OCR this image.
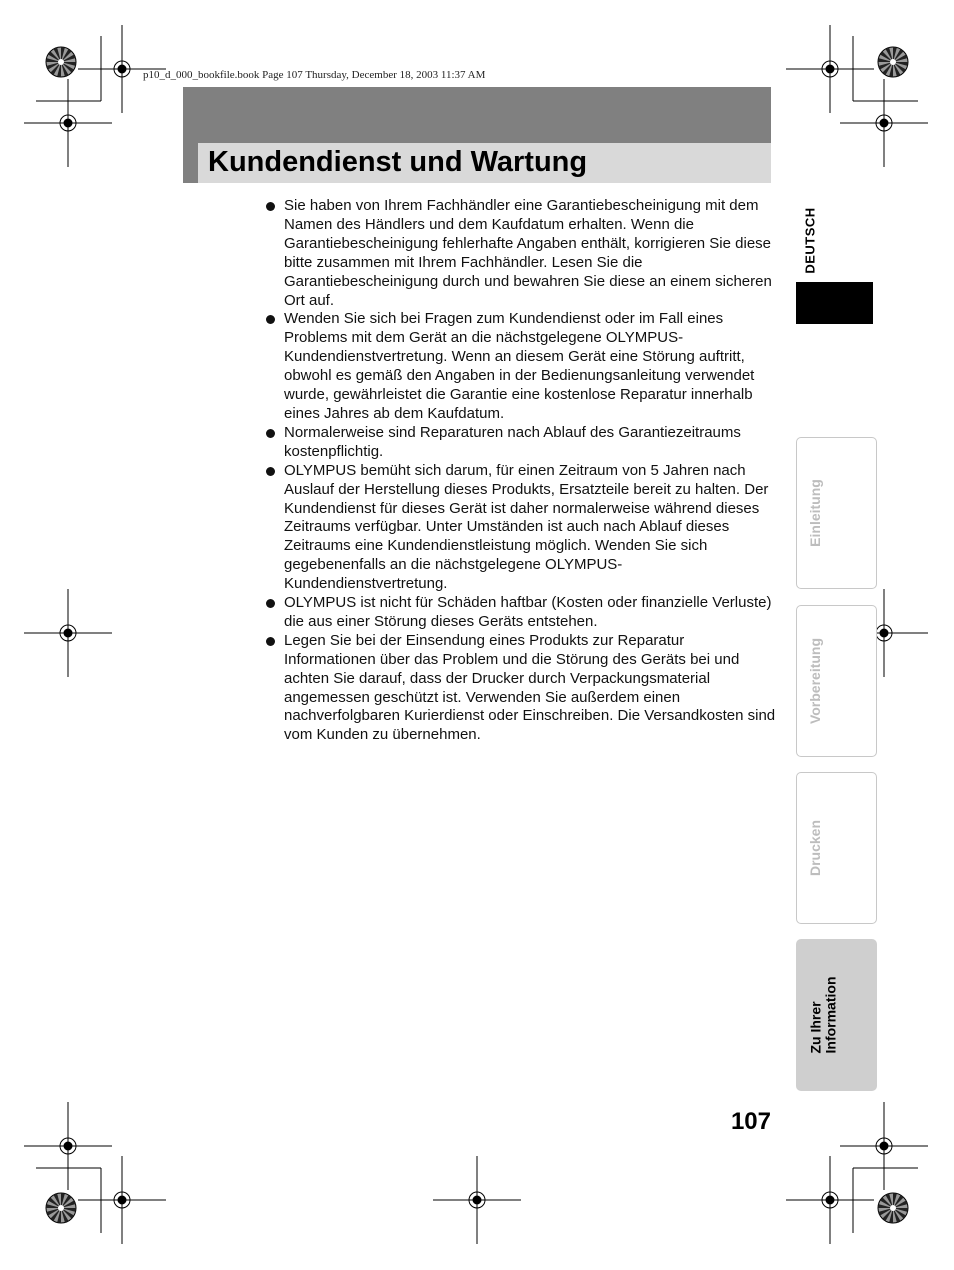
p10_d_000_bookfile.book Page 107 Thursday, December 18, 2003 11:37 AM
Kundendienst und Wartung
Sie haben von Ihrem Fachhändler eine Garantiebescheinigung mit dem Namen des Händlers und dem Kaufdatum erhalten. Wenn die Garantiebescheinigung fehlerhafte Angaben enthält, korrigieren Sie diese bitte zusammen mit Ihrem Fachhändler. Lesen Sie die Garantiebescheinigung durch und bewahren Sie diese an einem sicheren Ort auf.
Wenden Sie sich bei Fragen zum Kundendienst oder im Fall eines Problems mit dem Gerät an die nächstgelegene OLYMPUS-Kundendienstvertretung. Wenn an diesem Gerät eine Störung auftritt, obwohl es gemäß den Angaben in der Bedienungsanleitung verwendet wurde, gewährleistet die Garantie eine kostenlose Reparatur innerhalb eines Jahres ab dem Kaufdatum.
Normalerweise sind Reparaturen nach Ablauf des Garantiezeitraums kostenpflichtig.
OLYMPUS bemüht sich darum, für einen Zeitraum von 5 Jahren nach Auslauf der Herstellung dieses Produkts, Ersatzteile bereit zu halten. Der Kundendienst für dieses Gerät ist daher normalerweise während dieses Zeitraums verfügbar. Unter Umständen ist auch nach Ablauf dieses Zeitraums eine Kundendienstleistung möglich. Wenden Sie sich gegebenenfalls an die nächstgelegene OLYMPUS-Kundendienstvertretung.
OLYMPUS ist nicht für Schäden haftbar (Kosten oder finanzielle Verluste) die aus einer Störung dieses Geräts entstehen.
Legen Sie bei der Einsendung eines Produkts zur Reparatur Informationen über das Problem und die Störung des Geräts bei und achten Sie darauf, dass der Drucker durch Verpackungsmaterial angemessen geschützt ist. Verwenden Sie außerdem einen nachverfolgbaren Kurierdienst oder Einschreiben. Die Versandkosten sind vom Kunden zu übernehmen.
DEUTSCH
Einleitung
Vorbereitung
Drucken
Zu Ihrer Information
107
